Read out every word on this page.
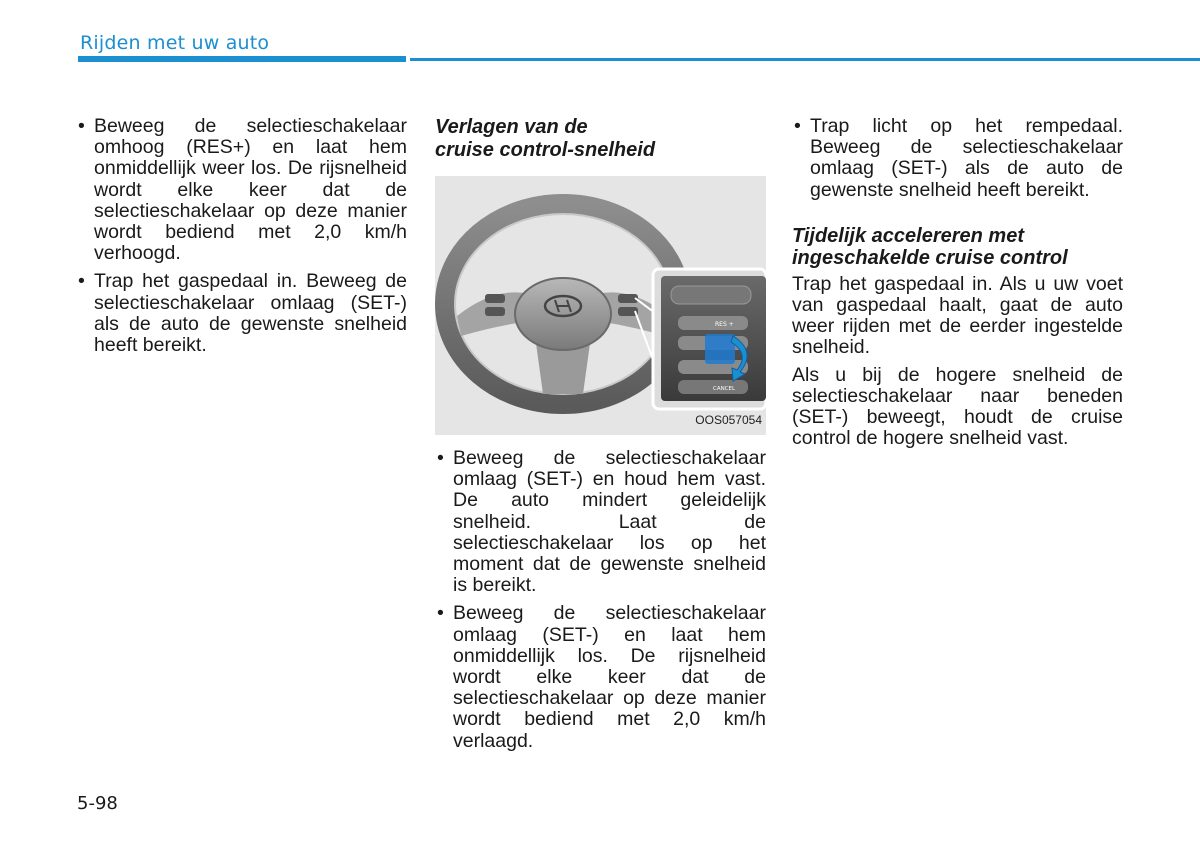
Rijden met uw auto
• Beweeg de selectieschakelaar omhoog (RES+) en laat hem onmiddellijk weer los. De rijsnelheid wordt elke keer dat de selectieschakelaar op deze manier wordt bediend met 2,0 km/h verhoogd.
• Trap het gaspedaal in. Beweeg de selectieschakelaar omlaag (SET-) als de auto de gewenste snelheid heeft bereikt.
Verlagen van de
cruise control-snelheid
RES +
CANCEL
OOS057054
• Beweeg de selectieschakelaar omlaag (SET-) en houd hem vast. De auto mindert geleidelijk snelheid. Laat de selectieschakelaar los op het moment dat de gewenste snelheid is bereikt.
• Beweeg de selectieschakelaar omlaag (SET-) en laat hem onmiddellijk los. De rijsnelheid wordt elke keer dat de selectieschakelaar op deze manier wordt bediend met 2,0 km/h verlaagd.
• Trap licht op het rempedaal. Beweeg de selectieschakelaar omlaag (SET-) als de auto de gewenste snelheid heeft bereikt.
Tijdelijk accelereren met
ingeschakelde cruise control

Trap het gaspedaal in. Als u uw voet van gaspedaal haalt, gaat de auto weer rijden met de eerder ingestelde snelheid.

Als u bij de hogere snelheid de selectieschakelaar naar beneden (SET-) beweegt, houdt de cruise control de hogere snelheid vast.

5-98
